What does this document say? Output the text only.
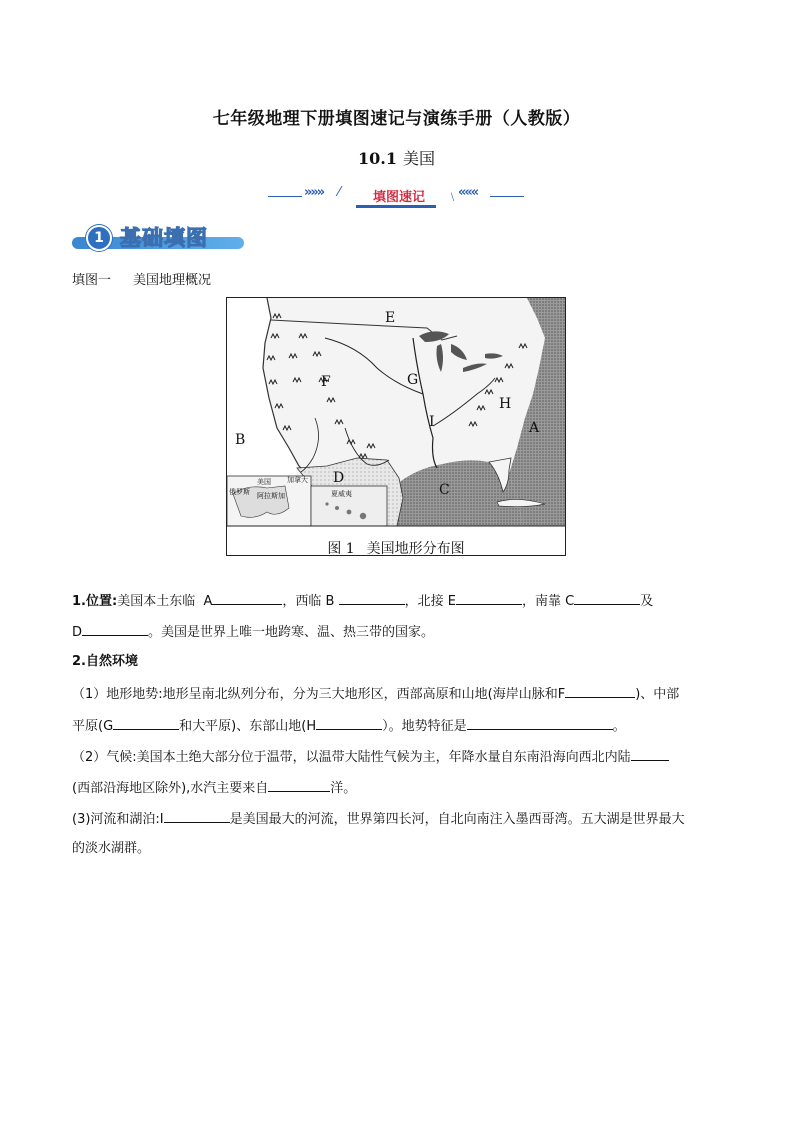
七年级地理下册填图速记与演练手册（人教版）
10.1 美国
»»» ⁄	填图速记	﹨ «««
1 基础填图
填图一 美国地理概况
A
B
C
D
E
F	G
H
I
美国 加拿大
阿拉斯加	夏威夷
俄罗斯
图 1 美国地形分布图
1.位置:美国本土东临 A	，西临 B	，北接 E	，南靠 C	及
D	。美国是世界上唯一地跨寒、温、热三带的国家。
2.自然环境
（1）地形地势:地形呈南北纵列分布，分为三大地形区，西部高原和山地(海岸山脉和F	)、中部
平原(G	和大平原)、东部山地(H	）。地势特征是	。
（2）气候:美国本土绝大部分位于温带，以温带大陆性气候为主，年降水量自东南沿海向西北内陆
(西部沿海地区除外),水汽主要来自	洋。
(3)河流和湖泊:I	是美国最大的河流，世界第四长河，自北向南注入墨西哥湾。五大湖是世界最大
的淡水湖群。
